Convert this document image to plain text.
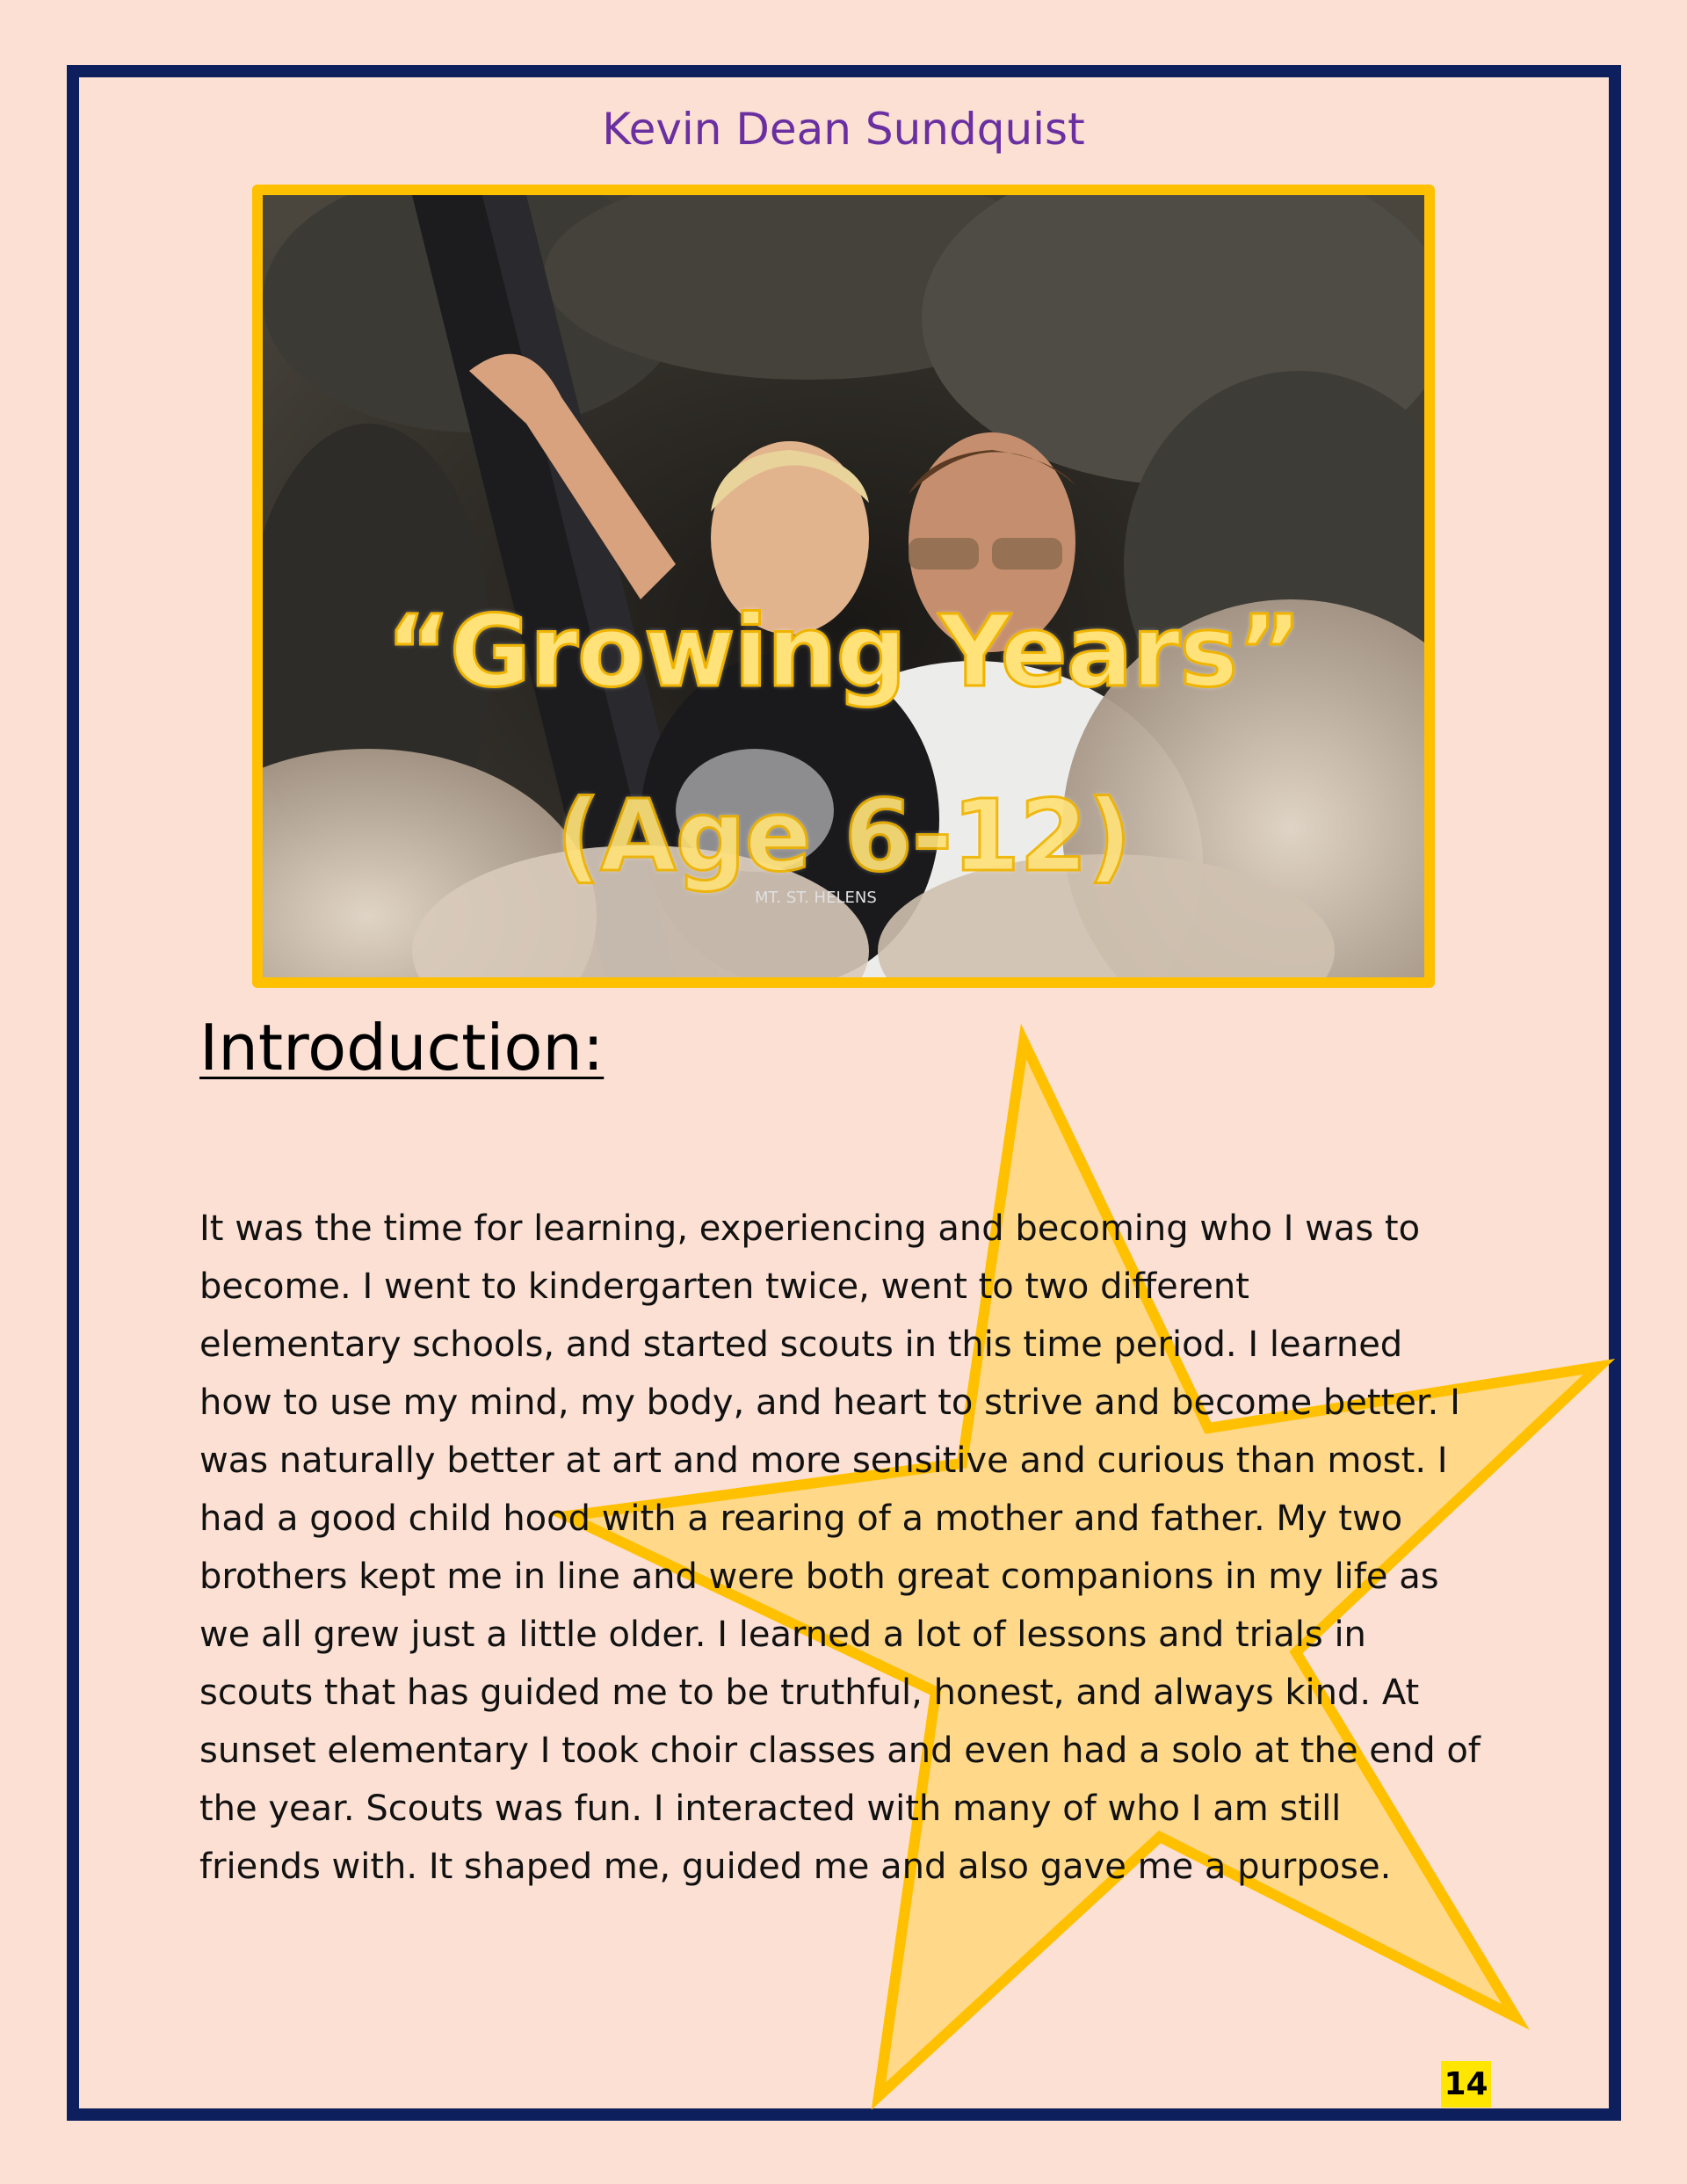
Kevin Dean Sundquist
MT. ST. HELENS
“Growing Years”
(Age 6-12)
Introduction:
It was the time for learning, experiencing and becoming who I was to
become. I went to kindergarten twice, went to two different
elementary schools, and started scouts in this time period. I learned
how to use my mind, my body, and heart to strive and become better. I
was naturally better at art and more sensitive and curious than most. I
had a good child hood with a rearing of a mother and father. My two
brothers kept me in line and were both great companions in my life as
we all grew just a little older. I learned a lot of lessons and trials in
scouts that has guided me to be truthful, honest, and always kind. At
sunset elementary I took choir classes and even had a solo at the end of
the year. Scouts was fun. I interacted with many of who I am still
friends with. It shaped me, guided me and also gave me a purpose.
14
